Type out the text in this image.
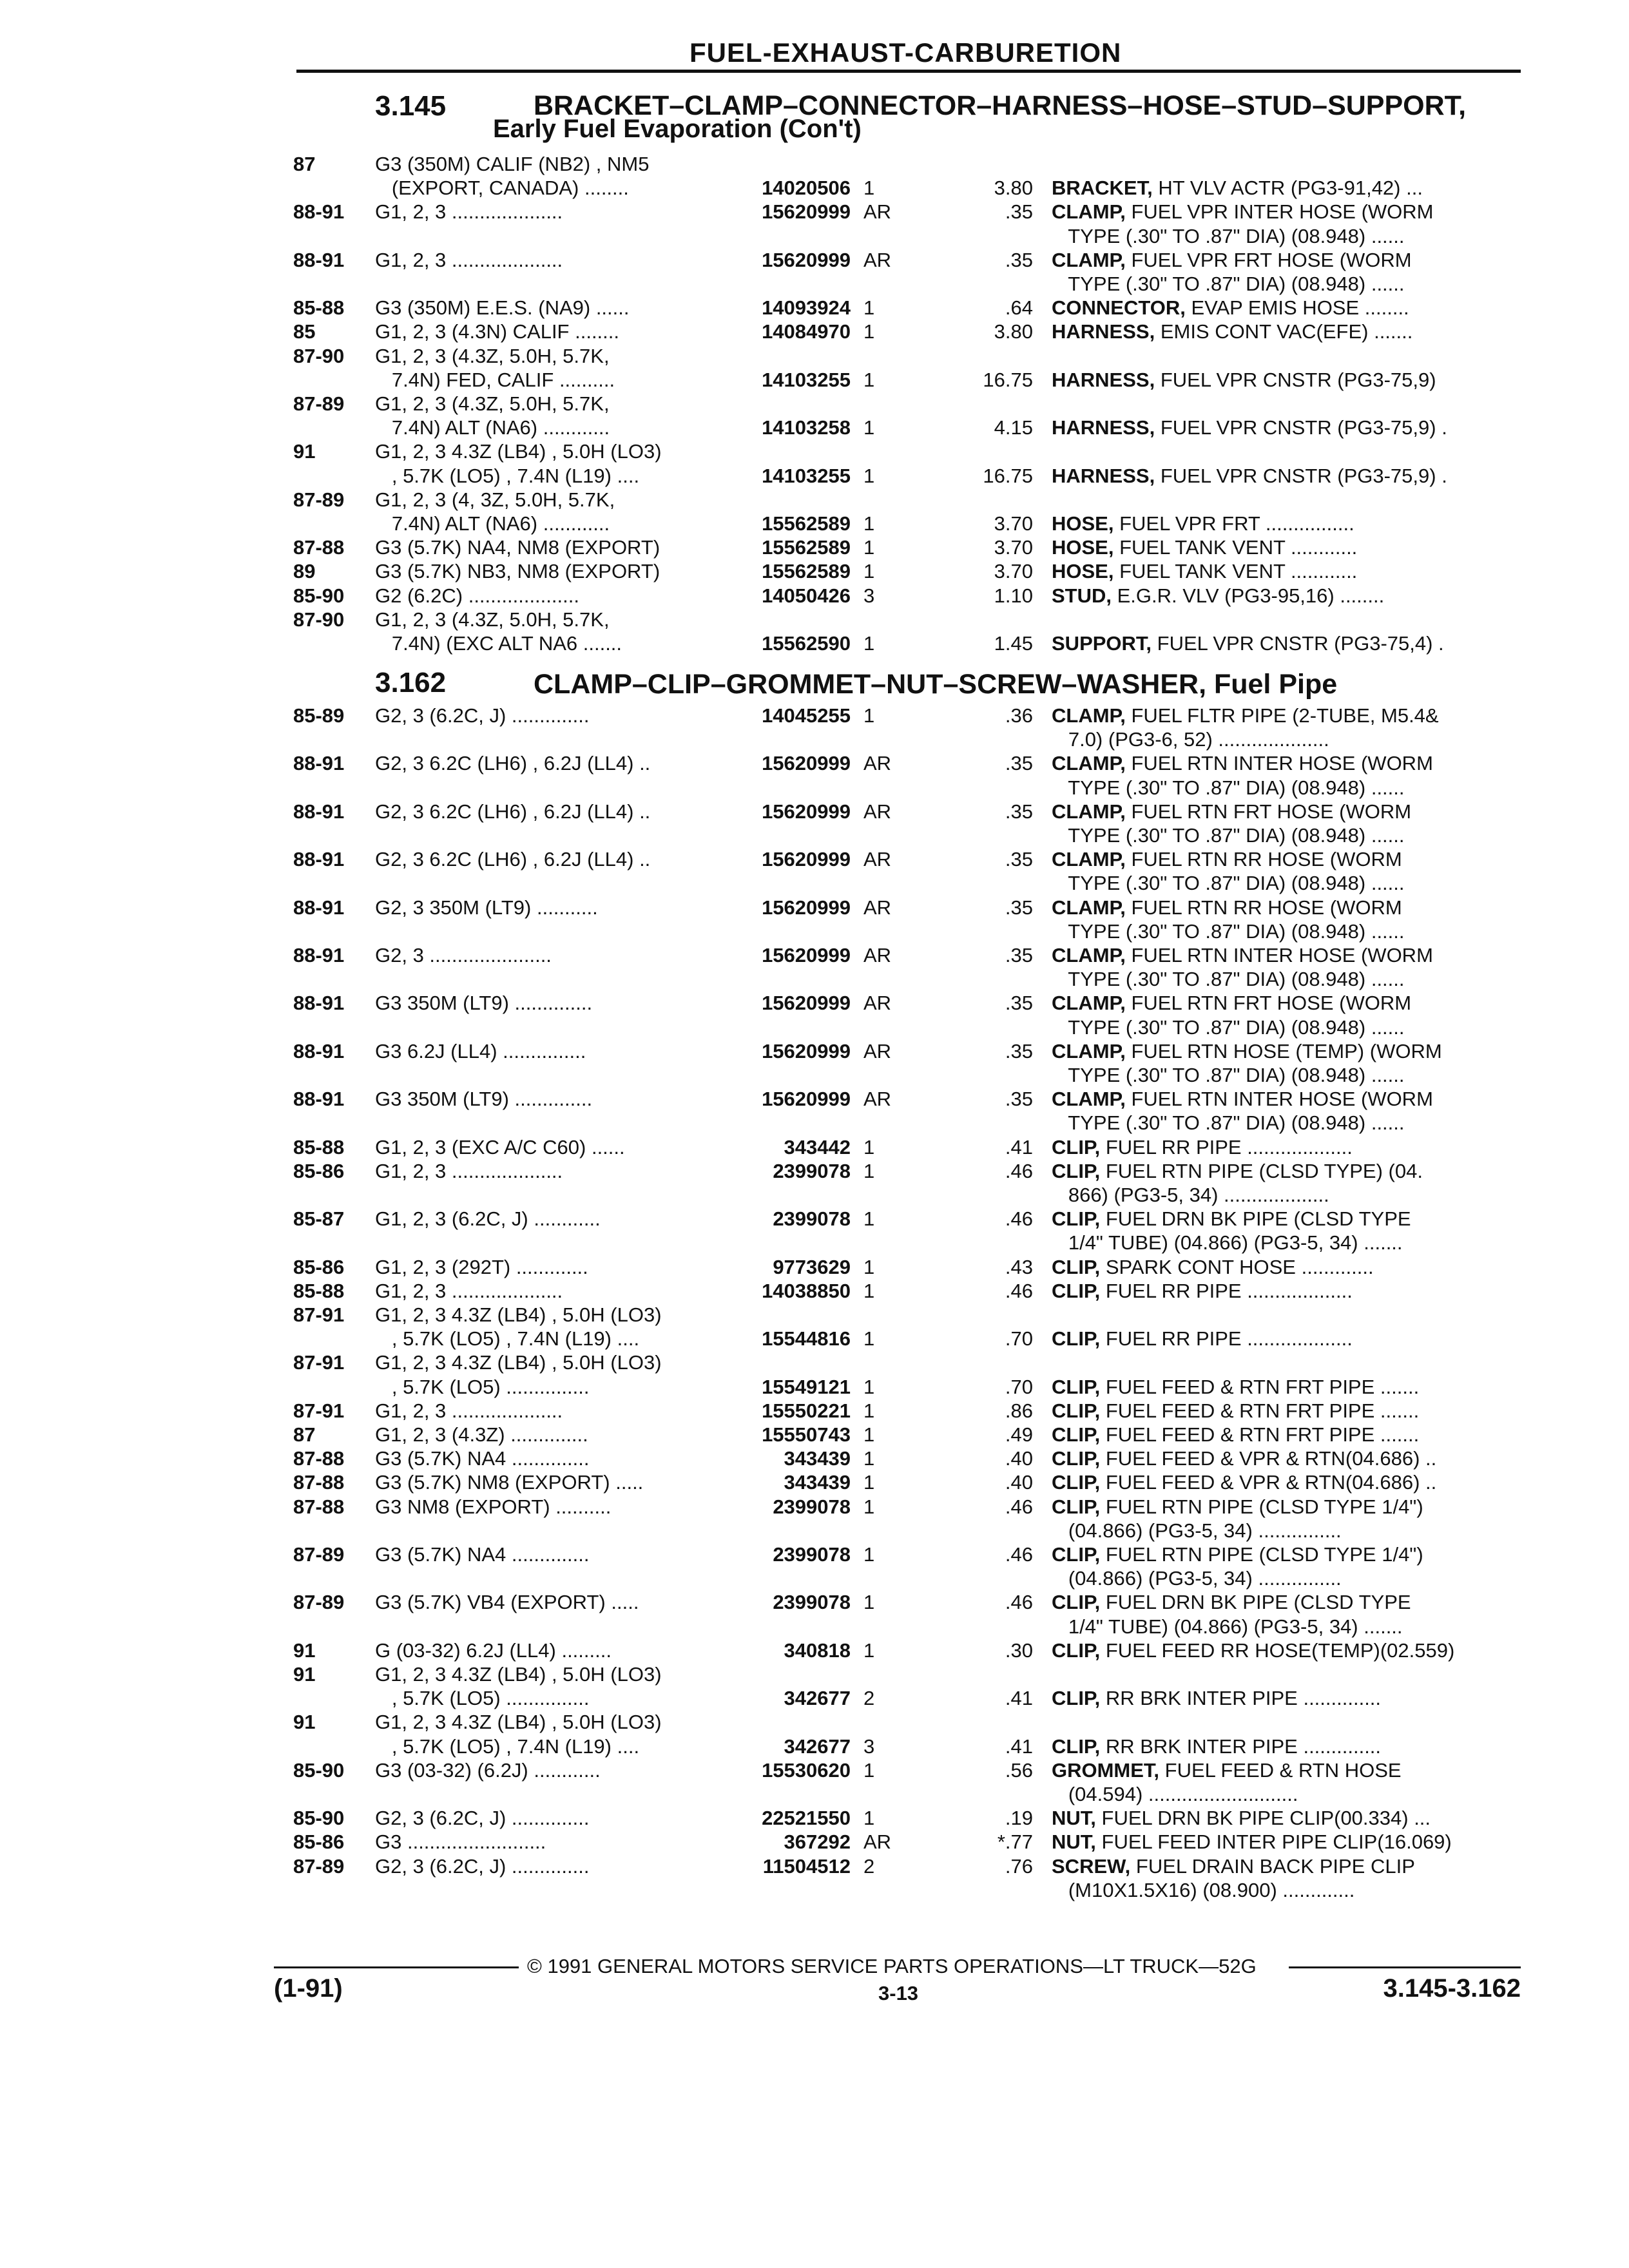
FUEL-EXHAUST-CARBURETION
3.145	BRACKET–CLAMP–CONNECTOR–HARNESS–HOSE–STUD–SUPPORT,
Early Fuel Evaporation (Con't)
87	G3 (350M) CALIF (NB2) , NM5
(EXPORT, CANADA) ........	14020506 1	3.80 BRACKET, HT VLV ACTR (PG3-91,42) ...
88-91 G1, 2, 3 ....................	15620999 AR	.35 CLAMP, FUEL VPR INTER HOSE (WORM
TYPE (.30" TO .87" DIA) (08.948) ......
88-91 G1, 2, 3 ....................	15620999 AR	.35 CLAMP, FUEL VPR FRT HOSE (WORM
TYPE (.30" TO .87" DIA) (08.948) ......
85-88 G3 (350M) E.E.S. (NA9) ......	14093924 1	.64 CONNECTOR, EVAP EMIS HOSE ........
85	G1, 2, 3 (4.3N) CALIF ........	14084970 1	3.80 HARNESS, EMIS CONT VAC(EFE) .......
87-90 G1, 2, 3 (4.3Z, 5.0H, 5.7K,
7.4N) FED, CALIF ..........	14103255 1	16.75 HARNESS, FUEL VPR CNSTR (PG3-75,9)
87-89 G1, 2, 3 (4.3Z, 5.0H, 5.7K,
7.4N) ALT (NA6) ............	14103258 1	4.15 HARNESS, FUEL VPR CNSTR (PG3-75,9) .
91	G1, 2, 3 4.3Z (LB4) , 5.0H (LO3)
, 5.7K (LO5) , 7.4N (L19) ....	14103255 1	16.75 HARNESS, FUEL VPR CNSTR (PG3-75,9) .
87-89 G1, 2, 3 (4, 3Z, 5.0H, 5.7K,
7.4N) ALT (NA6) ............	15562589 1	3.70 HOSE, FUEL VPR FRT ................
87-88 G3 (5.7K) NA4, NM8 (EXPORT)	15562589 1	3.70 HOSE, FUEL TANK VENT ............
89	G3 (5.7K) NB3, NM8 (EXPORT)	15562589 1	3.70 HOSE, FUEL TANK VENT ............
85-90 G2 (6.2C) ....................	14050426 3	1.10 STUD, E.G.R. VLV (PG3-95,16) ........
87-90 G1, 2, 3 (4.3Z, 5.0H, 5.7K,
7.4N) (EXC ALT NA6 .......	15562590 1	1.45 SUPPORT, FUEL VPR CNSTR (PG3-75,4) .
3.162	CLAMP–CLIP–GROMMET–NUT–SCREW–WASHER, Fuel Pipe
85-89 G2, 3 (6.2C, J) ..............	14045255 1	.36 CLAMP, FUEL FLTR PIPE (2-TUBE, M5.4&
7.0) (PG3-6, 52) ....................
88-91 G2, 3 6.2C (LH6) , 6.2J (LL4) ..	15620999 AR	.35 CLAMP, FUEL RTN INTER HOSE (WORM
TYPE (.30" TO .87" DIA) (08.948) ......
88-91 G2, 3 6.2C (LH6) , 6.2J (LL4) ..	15620999 AR	.35 CLAMP, FUEL RTN FRT HOSE (WORM
TYPE (.30" TO .87" DIA) (08.948) ......
88-91 G2, 3 6.2C (LH6) , 6.2J (LL4) ..	15620999 AR	.35 CLAMP, FUEL RTN RR HOSE (WORM
TYPE (.30" TO .87" DIA) (08.948) ......
88-91 G2, 3 350M (LT9) ...........	15620999 AR	.35 CLAMP, FUEL RTN RR HOSE (WORM
TYPE (.30" TO .87" DIA) (08.948) ......
88-91 G2, 3 ......................	15620999 AR	.35 CLAMP, FUEL RTN INTER HOSE (WORM
TYPE (.30" TO .87" DIA) (08.948) ......
88-91 G3 350M (LT9) ..............	15620999 AR	.35 CLAMP, FUEL RTN FRT HOSE (WORM
TYPE (.30" TO .87" DIA) (08.948) ......
88-91 G3 6.2J (LL4) ...............	15620999 AR	.35 CLAMP, FUEL RTN HOSE (TEMP) (WORM
TYPE (.30" TO .87" DIA) (08.948) ......
88-91 G3 350M (LT9) ..............	15620999 AR	.35 CLAMP, FUEL RTN INTER HOSE (WORM
TYPE (.30" TO .87" DIA) (08.948) ......
85-88 G1, 2, 3 (EXC A/C C60) ......	343442 1	.41 CLIP, FUEL RR PIPE ...................
85-86 G1, 2, 3 ....................	2399078 1	.46 CLIP, FUEL RTN PIPE (CLSD TYPE) (04.
866) (PG3-5, 34) ...................
85-87 G1, 2, 3 (6.2C, J) ............	2399078 1	.46 CLIP, FUEL DRN BK PIPE (CLSD TYPE
1/4" TUBE) (04.866) (PG3-5, 34) .......
85-86 G1, 2, 3 (292T) .............	9773629 1	.43 CLIP, SPARK CONT HOSE .............
85-88 G1, 2, 3 ....................	14038850 1	.46 CLIP, FUEL RR PIPE ...................
87-91 G1, 2, 3 4.3Z (LB4) , 5.0H (LO3)
, 5.7K (LO5) , 7.4N (L19) ....	15544816 1	.70 CLIP, FUEL RR PIPE ...................
87-91 G1, 2, 3 4.3Z (LB4) , 5.0H (LO3)
, 5.7K (LO5) ...............	15549121 1	.70 CLIP, FUEL FEED & RTN FRT PIPE .......
87-91 G1, 2, 3 ....................	15550221 1	.86 CLIP, FUEL FEED & RTN FRT PIPE .......
87	G1, 2, 3 (4.3Z) ..............	15550743 1	.49 CLIP, FUEL FEED & RTN FRT PIPE .......
87-88 G3 (5.7K) NA4 ..............	343439 1	.40 CLIP, FUEL FEED & VPR & RTN(04.686) ..
87-88 G3 (5.7K) NM8 (EXPORT) .....	343439 1	.40 CLIP, FUEL FEED & VPR & RTN(04.686) ..
87-88 G3 NM8 (EXPORT) ..........	2399078 1	.46 CLIP, FUEL RTN PIPE (CLSD TYPE 1/4")
(04.866) (PG3-5, 34) ...............
87-89 G3 (5.7K) NA4 ..............	2399078 1	.46 CLIP, FUEL RTN PIPE (CLSD TYPE 1/4")
(04.866) (PG3-5, 34) ...............
87-89 G3 (5.7K) VB4 (EXPORT) .....	2399078 1	.46 CLIP, FUEL DRN BK PIPE (CLSD TYPE
1/4" TUBE) (04.866) (PG3-5, 34) .......
91	G (03-32) 6.2J (LL4) .........	340818 1	.30 CLIP, FUEL FEED RR HOSE(TEMP)(02.559)
91	G1, 2, 3 4.3Z (LB4) , 5.0H (LO3)
, 5.7K (LO5) ...............	342677 2	.41 CLIP, RR BRK INTER PIPE ..............
91	G1, 2, 3 4.3Z (LB4) , 5.0H (LO3)
, 5.7K (LO5) , 7.4N (L19) ....	342677 3	.41 CLIP, RR BRK INTER PIPE ..............
85-90 G3 (03-32) (6.2J) ............	15530620 1	.56 GROMMET, FUEL FEED & RTN HOSE
(04.594) ...........................
85-90 G2, 3 (6.2C, J) ..............	22521550 1	.19 NUT, FUEL DRN BK PIPE CLIP(00.334) ...
85-86 G3 .........................	367292 AR	*.77 NUT, FUEL FEED INTER PIPE CLIP(16.069)
87-89 G2, 3 (6.2C, J) ..............	11504512 2	.76 SCREW, FUEL DRAIN BACK PIPE CLIP
(M10X1.5X16) (08.900) .............
© 1991 GENERAL MOTORS SERVICE PARTS OPERATIONS—LT TRUCK—52G
(1-91)	3-13	3.145-3.162
